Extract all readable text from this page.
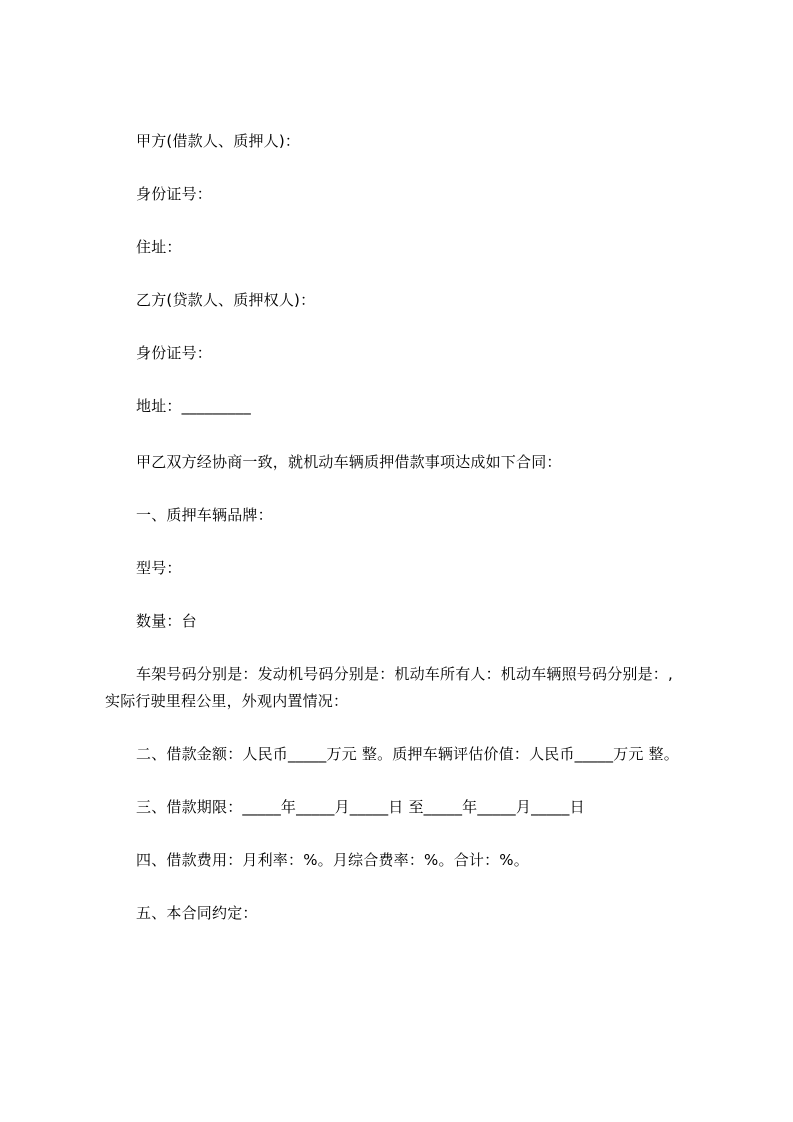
甲方(借款人、质押人)：
身份证号：
住址：
乙方(贷款人、质押权人)：
身份证号：
地址：_________
甲乙双方经协商一致，就机动车辆质押借款事项达成如下合同：
一、质押车辆品牌：
型号：
数量：台
车架号码分别是：发动机号码分别是：机动车所有人：机动车辆照号码分别是：,
实际行驶里程公里，外观内置情况：
二、借款金额：人民币_____万元 整。质押车辆评估价值：人民币_____万元 整。
三、借款期限：_____年_____月_____日 至_____年_____月_____日
四、借款费用：月利率：%。月综合费率：%。合计：%。
五、本合同约定：
